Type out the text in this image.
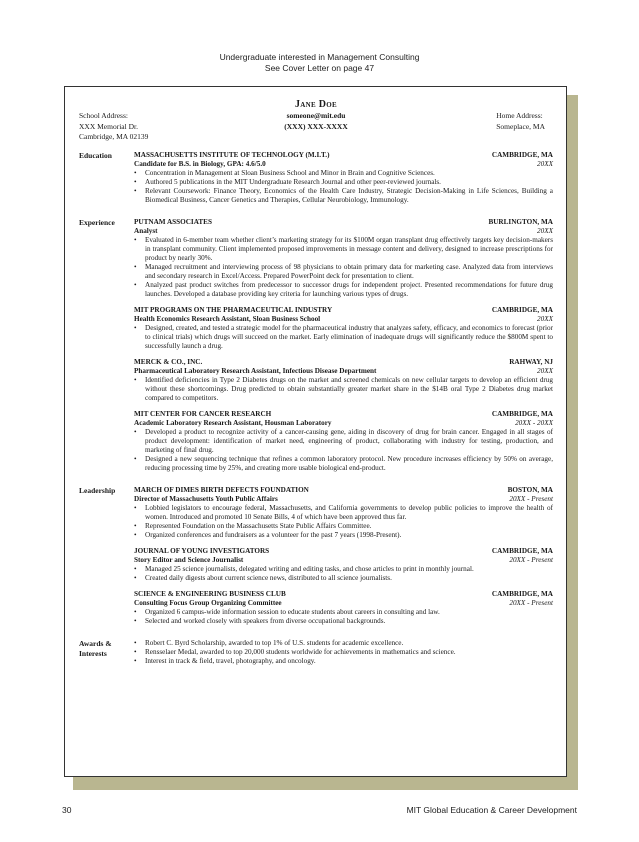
Undergraduate interested in Management Consulting
See Cover Letter on page 47
Jane Doe
School Address:
XXX Memorial Dr.
Cambridge, MA 02139
someone@mit.edu
(XXX) XXX-XXXX
Home Address:
Someplace, MA
Education	MASSACHUSETTS INSTITUTE OF TECHNOLOGY (M.I.T.)	CAMBRIDGE, MA
Candidate for B.S. in Biology, GPA: 4.6/5.0	20XX
• Concentration in Management at Sloan Business School and Minor in Brain and Cognitive Sciences.
• Authored 5 publications in the MIT Undergraduate Research Journal and other peer-reviewed journals.
• Relevant Coursework: Finance Theory, Economics of the Health Care Industry, Strategic Decision-Making in Life Sciences, Building a Biomedical Business, Cancer Genetics and Therapies, Cellular Neurobiology, Immunology.
Experience	PUTNAM ASSOCIATES	BURLINGTON, MA
Analyst	20XX
• Evaluated in 6-member team whether client’s marketing strategy for its $100M organ transplant drug effectively targets key decision-makers in transplant community. Client implemented proposed improvements in message content and delivery, designed to increase prescriptions for product by nearly 30%.
• Managed recruitment and interviewing process of 98 physicians to obtain primary data for marketing case. Analyzed data from interviews and secondary research in Excel/Access. Prepared PowerPoint deck for presentation to client.
• Analyzed past product switches from predecessor to successor drugs for independent project. Presented recommendations for future drug launches. Developed a database providing key criteria for launching various types of drugs.
MIT PROGRAMS ON THE PHARMACEUTICAL INDUSTRY	CAMBRIDGE, MA
Health Economics Research Assistant, Sloan Business School	20XX
• Designed, created, and tested a strategic model for the pharmaceutical industry that analyzes safety, efficacy, and economics to forecast (prior to clinical trials) which drugs will succeed on the market. Early elimination of inadequate drugs will significantly reduce the $800M spent to successfully launch a drug.
MERCK & CO., INC.	RAHWAY, NJ
Pharmaceutical Laboratory Research Assistant, Infectious Disease Department	20XX
• Identified deficiencies in Type 2 Diabetes drugs on the market and screened chemicals on new cellular targets to develop an efficient drug without these shortcomings. Drug predicted to obtain substantially greater market share in the $14B oral Type 2 Diabetes drug market compared to competitors.
MIT CENTER FOR CANCER RESEARCH	CAMBRIDGE, MA
Academic Laboratory Research Assistant, Housman Laboratory	20XX - 20XX
• Developed a product to recognize activity of a cancer-causing gene, aiding in discovery of drug for brain cancer. Engaged in all stages of product development: identification of market need, engineering of product, collaborating with industry for testing, production, and marketing of final drug.
• Designed a new sequencing technique that refines a common laboratory protocol. New procedure increases efficiency by 50% on average, reducing processing time by 25%, and creating more usable biological end-product.
Leadership	MARCH OF DIMES BIRTH DEFECTS FOUNDATION	BOSTON, MA
Director of Massachusetts Youth Public Affairs	20XX - Present
• Lobbied legislators to encourage federal, Massachusetts, and California governments to develop public policies to improve the health of women. Introduced and promoted 10 Senate Bills, 4 of which have been approved thus far.
• Represented Foundation on the Massachusetts State Public Affairs Committee.
• Organized conferences and fundraisers as a volunteer for the past 7 years (1998-Present).
JOURNAL OF YOUNG INVESTIGATORS	CAMBRIDGE, MA
Story Editor and Science Journalist	20XX - Present
• Managed 25 science journalists, delegated writing and editing tasks, and chose articles to print in monthly journal.
• Created daily digests about current science news, distributed to all science journalists.
SCIENCE & ENGINEERING BUSINESS CLUB	CAMBRIDGE, MA
Consulting Focus Group Organizing Committee	20XX - Present
• Organized 6 campus-wide information session to educate students about careers in consulting and law.
• Selected and worked closely with speakers from diverse occupational backgrounds.
Awards & Interests
• Robert C. Byrd Scholarship, awarded to top 1% of U.S. students for academic excellence.
• Rensselaer Medal, awarded to top 20,000 students worldwide for achievements in mathematics and science.
• Interest in track & field, travel, photography, and oncology.
30	MIT Global Education & Career Development
